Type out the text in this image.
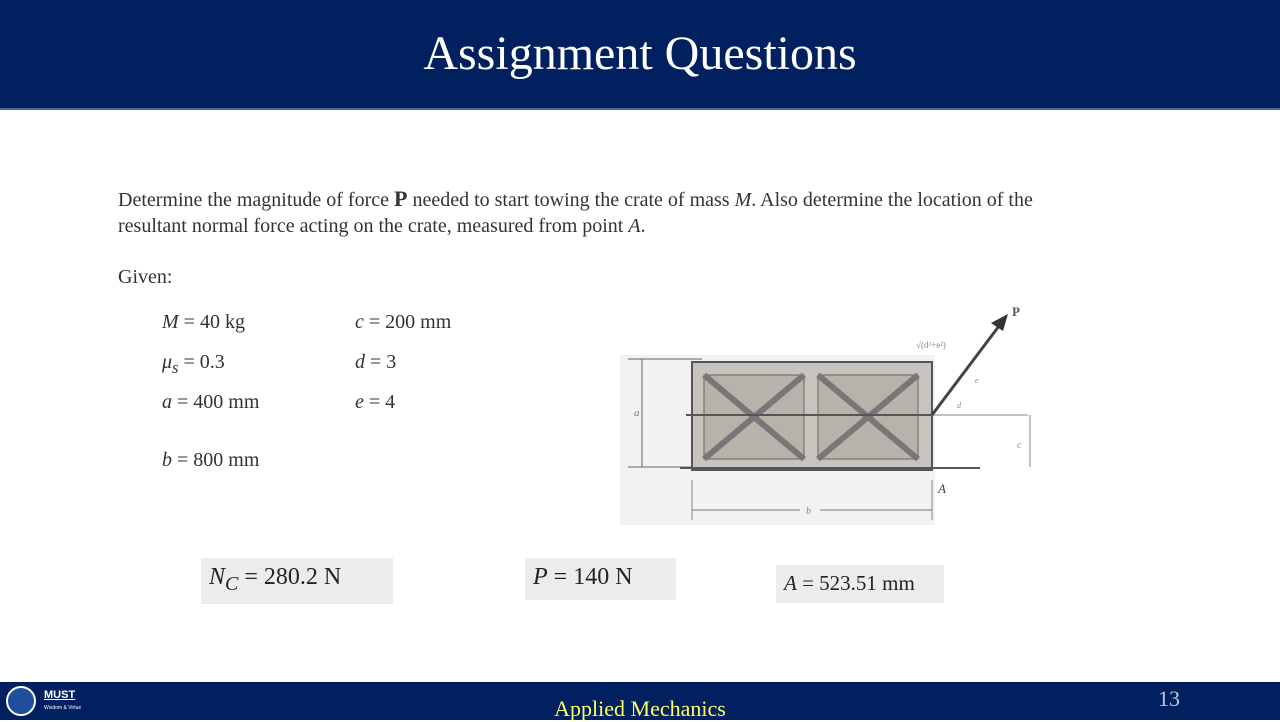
Assignment Questions
Determine the magnitude of force P needed to start towing the crate of mass M. Also determine the location of the resultant normal force acting on the crate, measured from point A.
Given:
M = 40 kg
$\mu_s = 0.3$
a = 400 mm
b = 800 mm
c = 200 mm
d = 3
e = 4	a
P
√(d²+e²)
e
d
c
A
b
$N_C = 280.2$ N	P = 140 N	A = 523.51 mm
MUST
Wisdom & Virtue	Applied Mechanics	13
